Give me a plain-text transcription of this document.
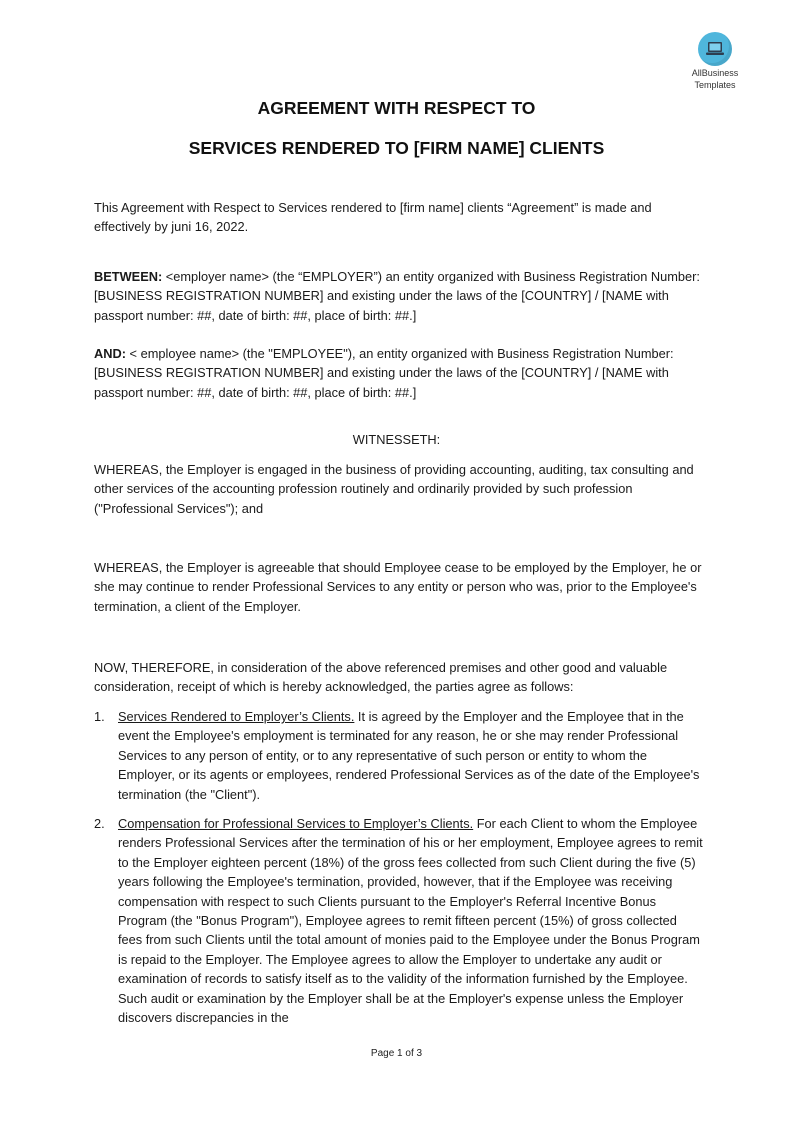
AllBusiness
Templates
AGREEMENT WITH RESPECT TO
SERVICES RENDERED TO [FIRM NAME] CLIENTS
This Agreement with Respect to Services rendered to [firm name] clients “Agreement” is made and effectively by juni 16, 2022.
BETWEEN: <employer name> (the “EMPLOYER”) an entity organized with Business Registration Number: [BUSINESS REGISTRATION NUMBER] and existing under the laws of the [COUNTRY] / [NAME with passport number: ##, date of birth: ##, place of birth: ##.]
AND: < employee name> (the "EMPLOYEE"), an entity organized with Business Registration Number: [BUSINESS REGISTRATION NUMBER] and existing under the laws of the [COUNTRY] / [NAME with passport number: ##, date of birth: ##, place of birth: ##.]
WITNESSETH:
WHEREAS, the Employer is engaged in the business of providing accounting, auditing, tax consulting and other services of the accounting profession routinely and ordinarily provided by such profession ("Professional Services"); and
WHEREAS, the Employer is agreeable that should Employee cease to be employed by the Employer, he or she may continue to render Professional Services to any entity or person who was, prior to the Employee's termination, a client of the Employer.
NOW, THEREFORE, in consideration of the above referenced premises and other good and valuable consideration, receipt of which is hereby acknowledged, the parties agree as follows:
1.	Services Rendered to Employer’s Clients. It is agreed by the Employer and the Employee that in the event the Employee's employment is terminated for any reason, he or she may render Professional Services to any person of entity, or to any representative of such person or entity to whom the Employer, or its agents or employees, rendered Professional Services as of the date of the Employee's termination (the "Client").
2.	Compensation for Professional Services to Employer’s Clients. For each Client to whom the Employee renders Professional Services after the termination of his or her employment, Employee agrees to remit to the Employer eighteen percent (18%) of the gross fees collected from such Client during the five (5) years following the Employee's termination, provided, however, that if the Employee was receiving compensation with respect to such Clients pursuant to the Employer's Referral Incentive Bonus Program (the "Bonus Program"), Employee agrees to remit fifteen percent (15%) of gross collected fees from such Clients until the total amount of monies paid to the Employee under the Bonus Program is repaid to the Employer. The Employee agrees to allow the Employer to undertake any audit or examination of records to satisfy itself as to the validity of the information furnished by the Employee. Such audit or examination by the Employer shall be at the Employer's expense unless the Employer discovers discrepancies in the
Page 1 of 3
